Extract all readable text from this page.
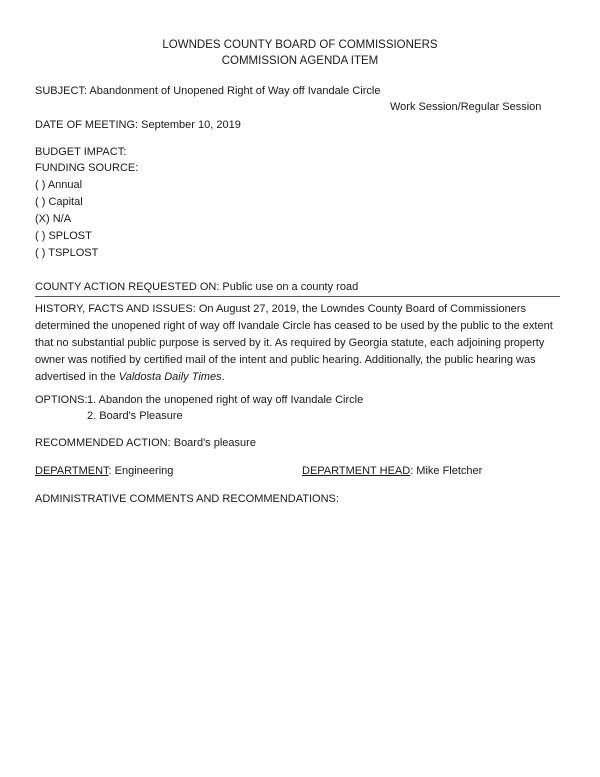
LOWNDES COUNTY BOARD OF COMMISSIONERS
COMMISSION AGENDA ITEM
SUBJECT: Abandonment of Unopened Right of Way off Ivandale Circle
Work Session/Regular Session
DATE OF MEETING: September 10, 2019
BUDGET IMPACT:
FUNDING SOURCE:
( ) Annual
( ) Capital
(X) N/A
( ) SPLOST
( ) TSPLOST
COUNTY ACTION REQUESTED ON: Public use on a county road
HISTORY, FACTS AND ISSUES: On August 27, 2019, the Lowndes County Board of Commissioners determined the unopened right of way off Ivandale Circle has ceased to be used by the public to the extent that no substantial public purpose is served by it. As required by Georgia statute, each adjoining property owner was notified by certified mail of the intent and public hearing. Additionally, the public hearing was advertised in the Valdosta Daily Times.
OPTIONS: 1. Abandon the unopened right of way off Ivandale Circle
2. Board's Pleasure
RECOMMENDED ACTION: Board's pleasure
DEPARTMENT: Engineering	DEPARTMENT HEAD: Mike Fletcher
ADMINISTRATIVE COMMENTS AND RECOMMENDATIONS:
